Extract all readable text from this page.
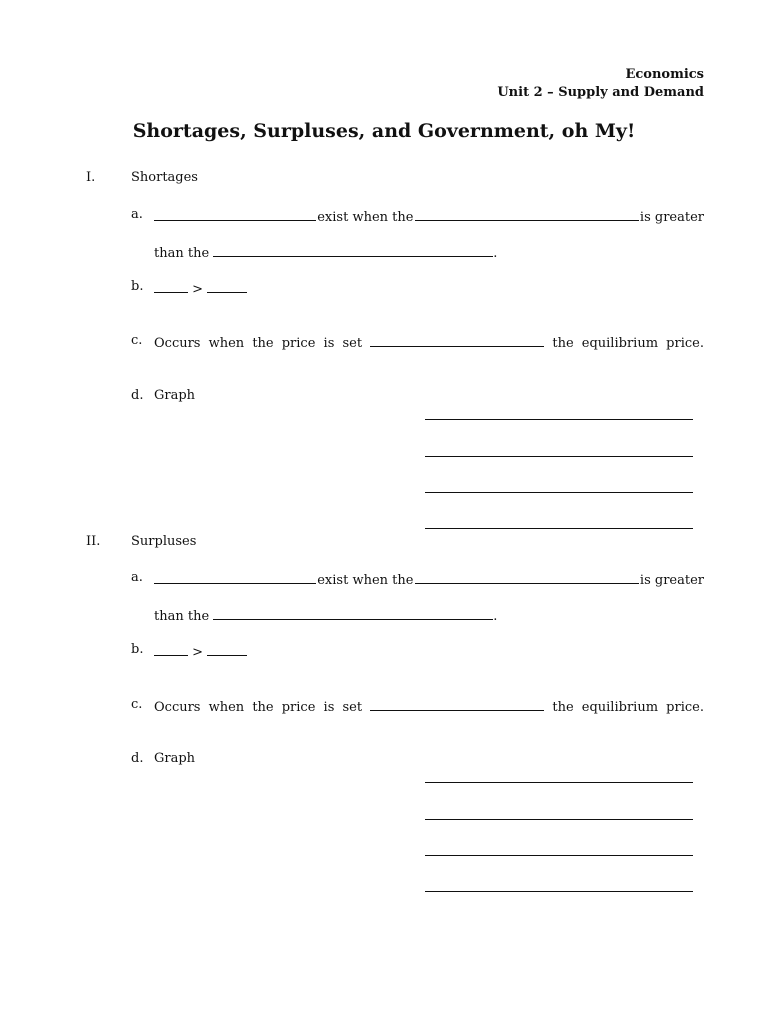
Economics
Unit 2 – Supply and Demand
Shortages, Surpluses, and Government, oh My!
I.	Shortages
a.	exist when the	is greater
than the	.
b.	>
c. Occurs when the price is set	the equilibrium price.
d. Graph
II. Surpluses
a.	exist when the	is greater
than the	.
b.	>
c. Occurs when the price is set	the equilibrium price.
d. Graph
